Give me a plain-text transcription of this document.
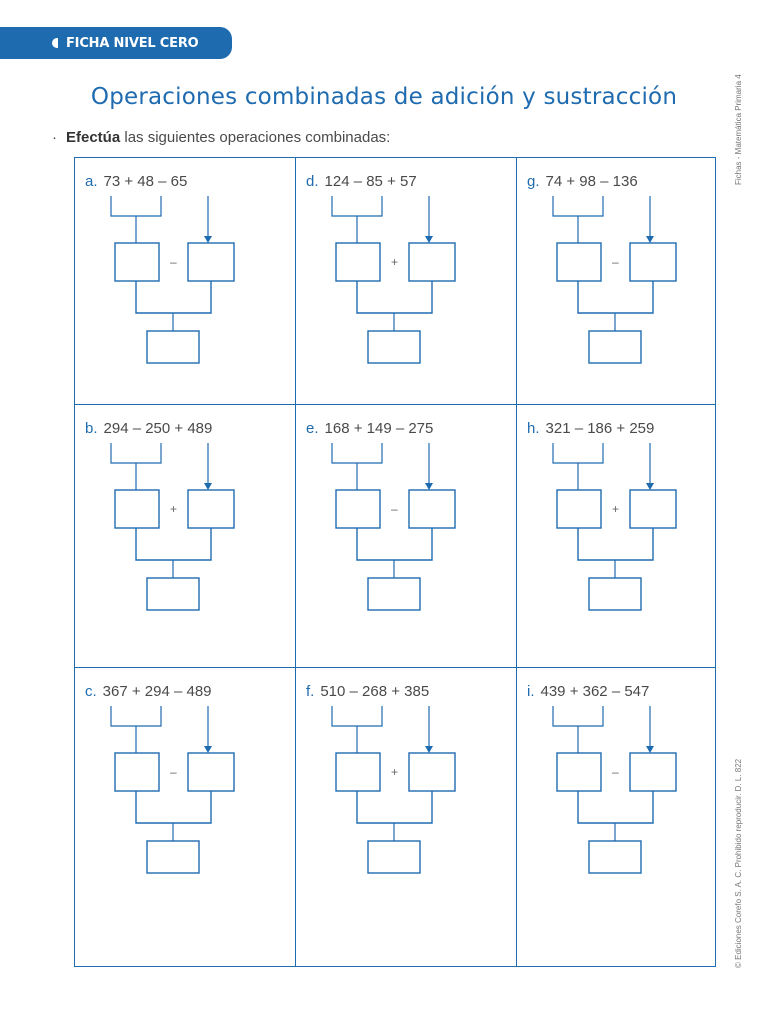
FICHA NIVEL CERO
Operaciones combinadas de adición y sustracción
· Efectúa las siguientes operaciones combinadas:	Fichas - Matemática Primaria 4
© Ediciones Corefo S. A. C. Prohibido reproducir. D. L. 822
a. 73 + 48 – 65
–
d. 124 – 85 + 57
+
g. 74 + 98 – 136
–
b. 294 – 250 + 489
+
e. 168 + 149 – 275
–
h. 321 – 186 + 259
+
c. 367 + 294 – 489
–
f. 510 – 268 + 385
+
i. 439 + 362 – 547
–
